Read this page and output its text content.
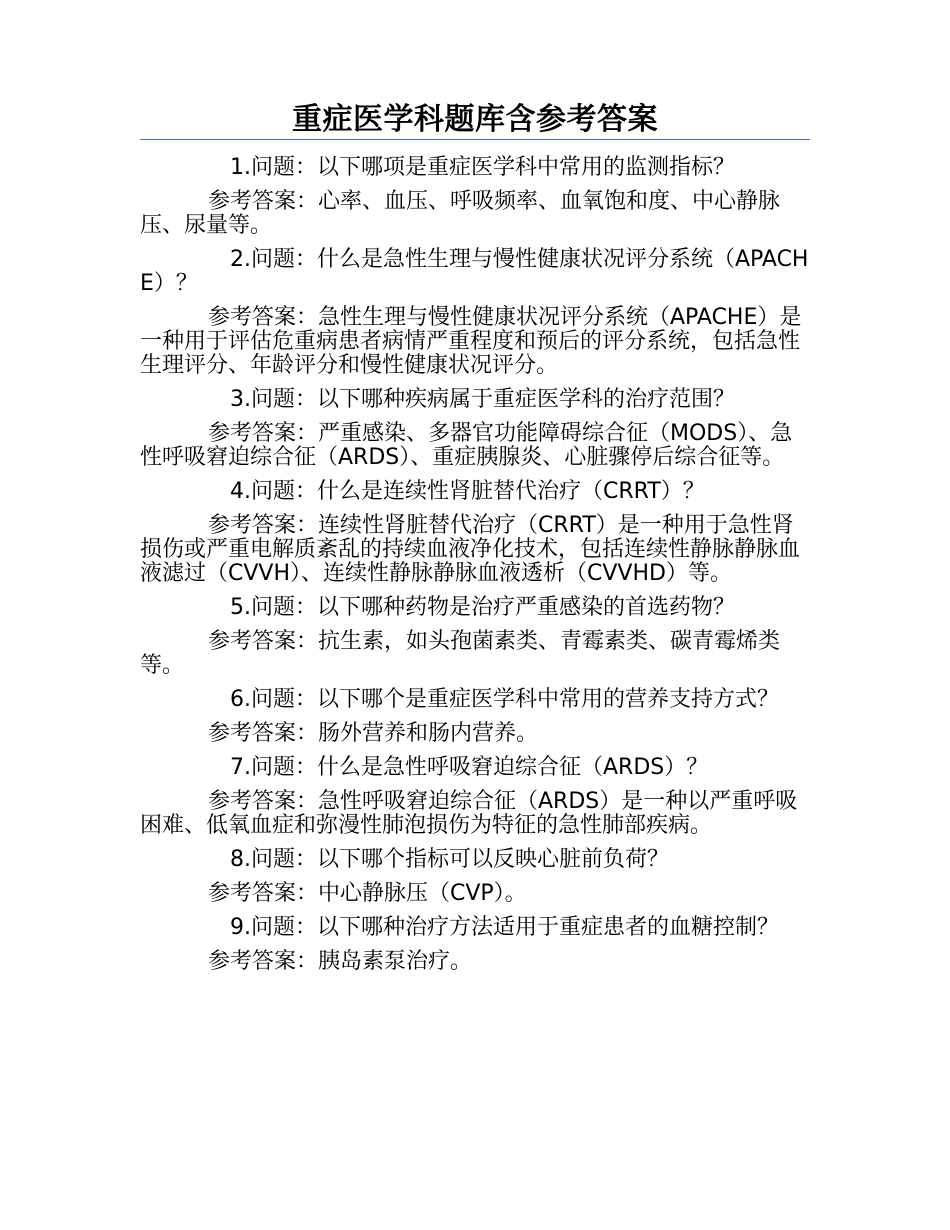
重症医学科题库含参考答案

1.问题：以下哪项是重症医学科中常用的监测指标？

参考答案：心率、血压、呼吸频率、血氧饱和度、中心静脉压、尿量等。

2.问题：什么是急性生理与慢性健康状况评分系统（APACHE）？

参考答案：急性生理与慢性健康状况评分系统（APACHE）是一种用于评估危重病患者病情严重程度和预后的评分系统，包括急性生理评分、年龄评分和慢性健康状况评分。

3.问题：以下哪种疾病属于重症医学科的治疗范围？

参考答案：严重感染、多器官功能障碍综合征（MODS）、急性呼吸窘迫综合征（ARDS）、重症胰腺炎、心脏骤停后综合征等。

4.问题：什么是连续性肾脏替代治疗（CRRT）？

参考答案：连续性肾脏替代治疗（CRRT）是一种用于急性肾损伤或严重电解质紊乱的持续血液净化技术，包括连续性静脉静脉血液滤过（CVVH）、连续性静脉静脉血液透析（CVVHD）等。

5.问题：以下哪种药物是治疗严重感染的首选药物？

参考答案：抗生素，如头孢菌素类、青霉素类、碳青霉烯类等。

6.问题：以下哪个是重症医学科中常用的营养支持方式？

参考答案：肠外营养和肠内营养。

7.问题：什么是急性呼吸窘迫综合征（ARDS）？

参考答案：急性呼吸窘迫综合征（ARDS）是一种以严重呼吸困难、低氧血症和弥漫性肺泡损伤为特征的急性肺部疾病。

8.问题：以下哪个指标可以反映心脏前负荷？

参考答案：中心静脉压（CVP）。

9.问题：以下哪种治疗方法适用于重症患者的血糖控制？

参考答案：胰岛素泵治疗。
